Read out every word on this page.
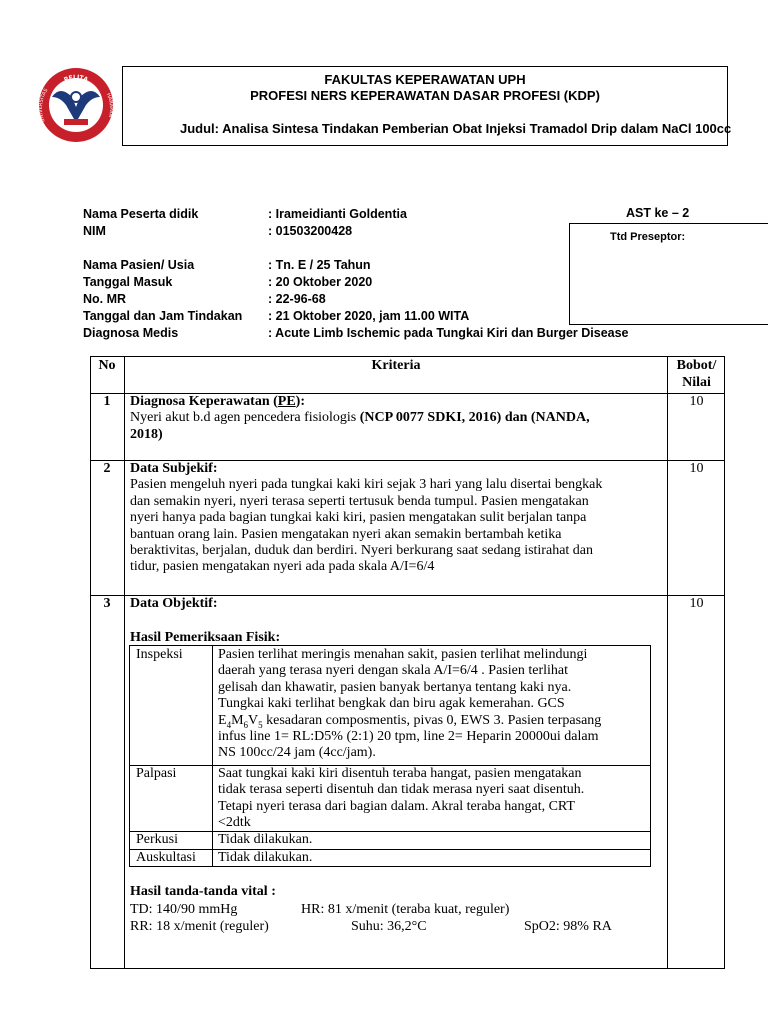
PELITA
UNIVERSITAS
HARAPAN
FAKULTAS KEPERAWATAN UPH
PROFESI NERS KEPERAWATAN DASAR PROFESI (KDP)
Judul: Analisa Sintesa Tindakan Pemberian Obat Injeksi Tramadol Drip dalam NaCl 100cc
Nama Peserta didik	: Irameidianti Goldentia
NIM	: 01503200428
Nama Pasien/ Usia	: Tn. E / 25 Tahun
Tanggal Masuk	: 20 Oktober 2020
No. MR	: 22-96-68
Tanggal dan Jam Tindakan : 21 Oktober 2020, jam 11.00 WITA
Diagnosa Medis	: Acute Limb Ischemic pada Tungkai Kiri dan Burger Disease
AST ke – 2
Ttd Preseptor:
No	Kriteria	Bobot/
Nilai
1	Diagnosa Keperawatan (PE):
Nyeri akut b.d agen pencedera fisiologis (NCP 0077 SDKI, 2016) dan (NANDA,
2018)
10
2	Data Subjekif:
Pasien mengeluh nyeri pada tungkai kaki kiri sejak 3 hari yang lalu disertai bengkak
dan semakin nyeri, nyeri terasa seperti tertusuk benda tumpul. Pasien mengatakan
nyeri hanya pada bagian tungkai kaki kiri, pasien mengatakan sulit berjalan tanpa
bantuan orang lain. Pasien mengatakan nyeri akan semakin bertambah ketika
beraktivitas, berjalan, duduk dan berdiri. Nyeri berkurang saat sedang istirahat dan
tidur, pasien mengatakan nyeri ada pada skala A/I=6/4
10
3	Data Objektif:
Hasil Pemeriksaan Fisik:
10
Hasil tanda-tanda vital :
TD: 140/90 mmHg	HR: 81 x/menit (teraba kuat, reguler)
RR: 18 x/menit (reguler)	Suhu: 36,2°C	SpO2: 98% RA
Inspeksi	Pasien terlihat meringis menahan sakit, pasien terlihat melindungi
daerah yang terasa nyeri dengan skala A/I=6/4 . Pasien terlihat
gelisah dan khawatir, pasien banyak bertanya tentang kaki nya.
Tungkai kaki terlihat bengkak dan biru agak kemerahan. GCS
$E_4M_6V_5$ kesadaran composmentis, pivas 0, EWS 3. Pasien terpasang
infus line 1= RL:D5% (2:1) 20 tpm, line 2= Heparin 20000ui dalam
NS 100cc/24 jam (4cc/jam).
Palpasi	Saat tungkai kaki kiri disentuh teraba hangat, pasien mengatakan
tidak terasa seperti disentuh dan tidak merasa nyeri saat disentuh.
Tetapi nyeri terasa dari bagian dalam. Akral teraba hangat, CRT
<2dtk
Perkusi	Tidak dilakukan.
Auskultasi Tidak dilakukan.
